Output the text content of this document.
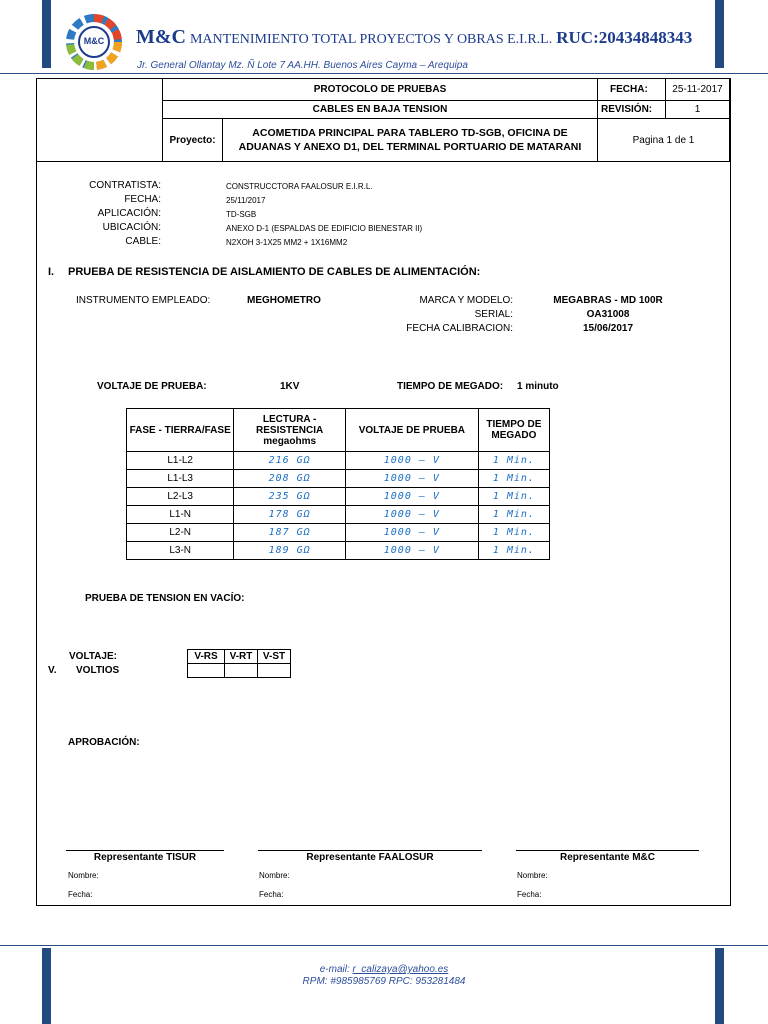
M&C	M&C MANTENIMIENTO TOTAL PROYECTOS Y OBRAS E.I.R.L. RUC:20434848343
Jr. General Ollantay Mz. Ñ Lote 7 AA.HH. Buenos Aires Cayma – Arequipa
PROTOCOLO DE PRUEBAS	FECHA:	25-11-2017
CABLES EN BAJA TENSION	REVISIÓN:	1
Proyecto:
ACOMETIDA PRINCIPAL PARA TABLERO TD-SGB, OFICINA DE ADUANAS Y ANEXO D1, DEL TERMINAL PORTUARIO DE MATARANI
Pagina 1 de 1
CONTRATISTA:	CONSTRUCCTORA FAALOSUR E.I.R.L.
FECHA:	25/11/2017
APLICACIÓN:	TD-SGB
UBICACIÓN:	ANEXO D-1 (ESPALDAS DE EDIFICIO BIENESTAR II)
CABLE:	N2XOH 3-1X25 MM2 + 1X16MM2
I. PRUEBA DE RESISTENCIA DE AISLAMIENTO DE CABLES DE ALIMENTACIÓN:
INSTRUMENTO EMPLEADO:	MEGHOMETRO	MARCA Y MODELO:	MEGABRAS - MD 100R
SERIAL:	OA31008
FECHA CALIBRACION:	15/06/2017
VOLTAJE DE PRUEBA:	1KV	TIEMPO DE MEGADO: 1 minuto
FASE - TIERRA/FASE	LECTURA - RESISTENCIA megaohms	VOLTAJE DE PRUEBA	TIEMPO DE MEGADO
L1-L2	216 GΩ	1000 – V	1 Min.
L1-L3	208 GΩ	1000 – V	1 Min.
L2-L3	235 GΩ	1000 – V	1 Min.
L1-N	178 GΩ	1000 – V	1 Min.
L2-N	187 GΩ	1000 – V	1 Min.
L3-N	189 GΩ	1000 – V	1 Min.
PRUEBA DE TENSION EN VACÍO:
VOLTAJE:
V. VOLTIOS
V-RS	V-RT	V-ST

APROBACIÓN:
Representante TISUR	Representante FAALOSUR	Representante M&C
Nombre:
Fecha:
Nombre:
Fecha:
Nombre:
Fecha:
e-mail: r_calizaya@yahoo.es
RPM: #985985769 RPC: 953281484
